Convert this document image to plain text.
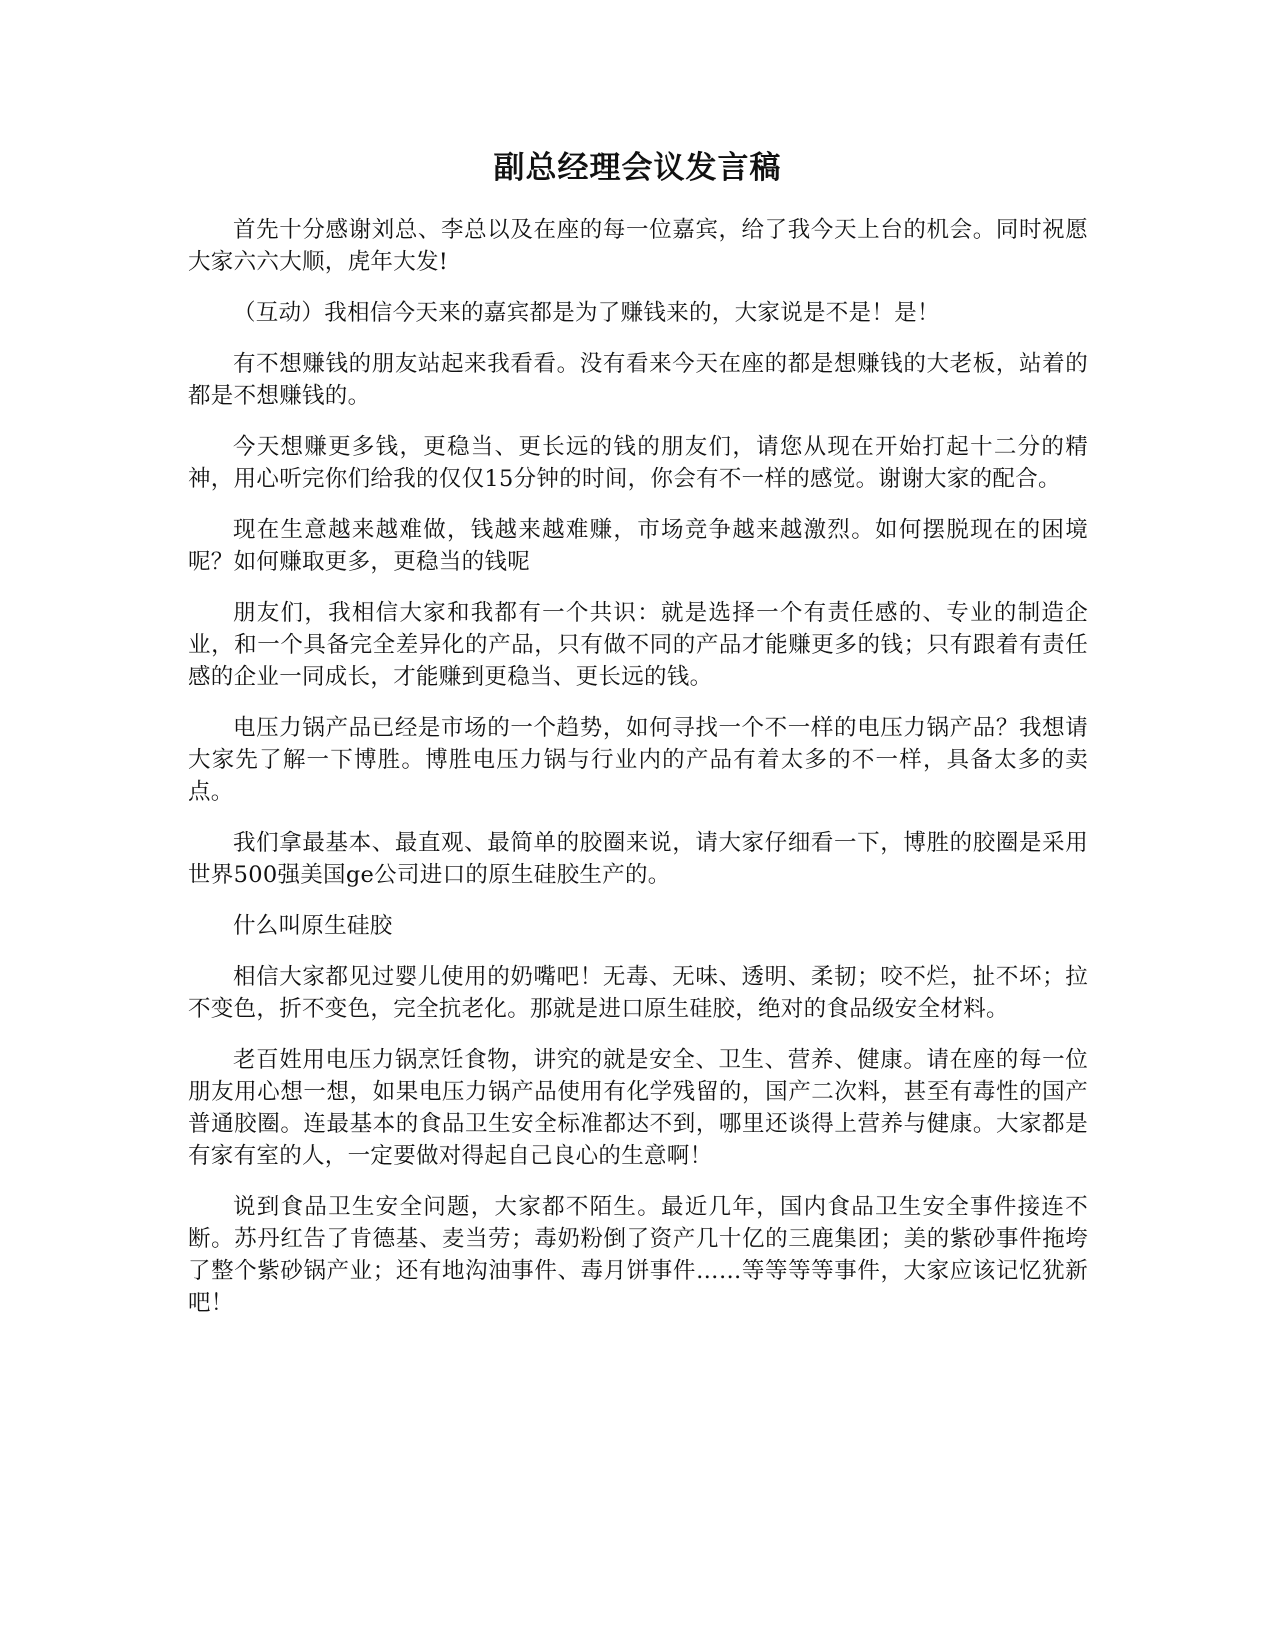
副总经理会议发言稿

首先十分感谢刘总、李总以及在座的每一位嘉宾，给了我今天上台的机会。同时祝愿大家六六大顺，虎年大发!

（互动）我相信今天来的嘉宾都是为了赚钱来的，大家说是不是！是！

有不想赚钱的朋友站起来我看看。没有看来今天在座的都是想赚钱的大老板，站着的都是不想赚钱的。

今天想赚更多钱，更稳当、更长远的钱的朋友们，请您从现在开始打起十二分的精神，用心听完你们给我的仅仅15分钟的时间，你会有不一样的感觉。谢谢大家的配合。

现在生意越来越难做，钱越来越难赚，市场竞争越来越激烈。如何摆脱现在的困境呢？如何赚取更多，更稳当的钱呢

朋友们，我相信大家和我都有一个共识：就是选择一个有责任感的、专业的制造企业，和一个具备完全差异化的产品，只有做不同的产品才能赚更多的钱；只有跟着有责任感的企业一同成长，才能赚到更稳当、更长远的钱。

电压力锅产品已经是市场的一个趋势，如何寻找一个不一样的电压力锅产品？我想请大家先了解一下博胜。博胜电压力锅与行业内的产品有着太多的不一样，具备太多的卖点。

我们拿最基本、最直观、最简单的胶圈来说，请大家仔细看一下，博胜的胶圈是采用世界500强美国ge公司进口的原生硅胶生产的。

什么叫原生硅胶

相信大家都见过婴儿使用的奶嘴吧！无毒、无味、透明、柔韧；咬不烂，扯不坏；拉不变色，折不变色，完全抗老化。那就是进口原生硅胶，绝对的食品级安全材料。

老百姓用电压力锅烹饪食物，讲究的就是安全、卫生、营养、健康。请在座的每一位朋友用心想一想，如果电压力锅产品使用有化学残留的，国产二次料，甚至有毒性的国产普通胶圈。连最基本的食品卫生安全标准都达不到，哪里还谈得上营养与健康。大家都是有家有室的人，一定要做对得起自己良心的生意啊！

说到食品卫生安全问题，大家都不陌生。最近几年，国内食品卫生安全事件接连不断。苏丹红告了肯德基、麦当劳；毒奶粉倒了资产几十亿的三鹿集团；美的紫砂事件拖垮了整个紫砂锅产业；还有地沟油事件、毒月饼事件……等等等等事件，大家应该记忆犹新吧！
